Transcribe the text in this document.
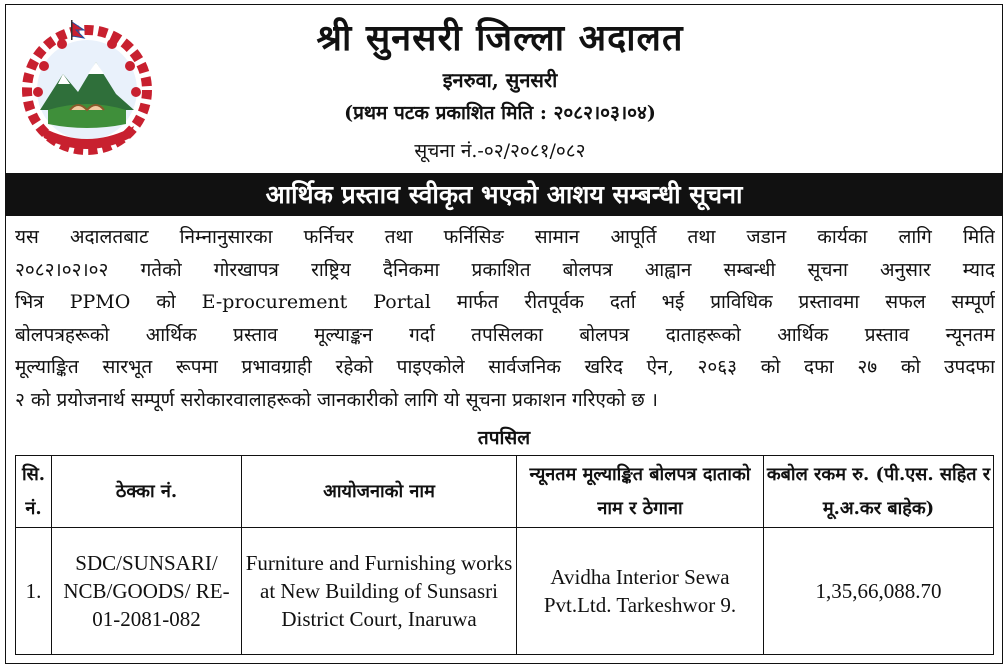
श्री सुनसरी जिल्ला अदालत
इनरुवा, सुनसरी
(प्रथम पटक प्रकाशित मिति : २०८२।०३।०४)
सूचना नं.-०२/२०८१/०८२
आर्थिक प्रस्ताव स्वीकृत भएको आशय सम्बन्धी सूचना
यस अदालतबाट निम्नानुसारका फर्निचर तथा फर्निसिङ सामान आपूर्ति तथा जडान कार्यका लागि मिति
२०८२।०२।०२ गतेको गोरखापत्र राष्ट्रिय दैनिकमा प्रकाशित बोलपत्र आह्वान सम्बन्धी सूचना अनुसार म्याद
भित्र PPMO को E-procurement Portal मार्फत रीतपूर्वक दर्ता भई प्राविधिक प्रस्तावमा सफल सम्पूर्ण
बोलपत्रहरूको आर्थिक प्रस्ताव मूल्याङ्कन गर्दा तपसिलका बोलपत्र दाताहरूको आर्थिक प्रस्ताव न्यूनतम
मूल्याङ्कित सारभूत रूपमा प्रभावग्राही रहेको पाइएकोले सार्वजनिक खरिद ऐन, २०६३ को दफा २७ को उपदफा
२ को प्रयोजनार्थ सम्पूर्ण सरोकारवालाहरूको जानकारीको लागि यो सूचना प्रकाशन गरिएको छ ।
तपसिल
सि. नं.	ठेक्का नं.	आयोजनाको नाम	न्यूनतम मूल्याङ्कित बोलपत्र दाताको नाम र ठेगाना	कबोल रकम रु. (पी.एस. सहित र मू.अ.कर बाहेक)
1.	SDC/SUNSARI/ NCB/GOODS/ RE-01-2081-082	Furniture and Furnishing works at New Building of Sunsasri District Court, Inaruwa	Avidha Interior Sewa Pvt.Ltd. Tarkeshwor 9.	1,35,66,088.70
